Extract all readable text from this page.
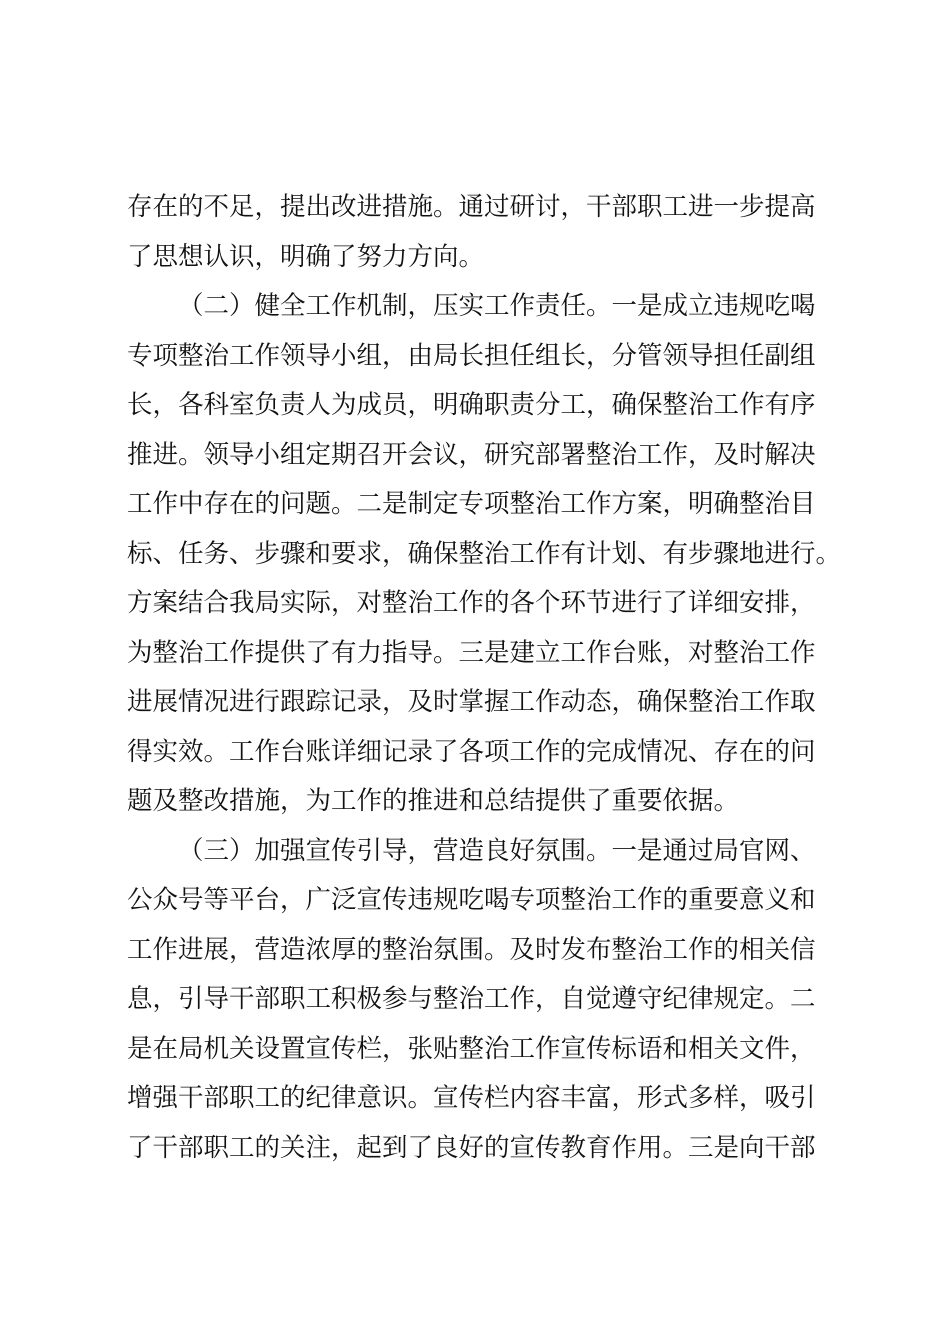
存在的不足，提出改进措施。通过研讨，干部职工进一步提高
了思想认识，明确了努力方向。
（二）健全工作机制，压实工作责任。一是成立违规吃喝
专项整治工作领导小组，由局长担任组长，分管领导担任副组
长，各科室负责人为成员，明确职责分工，确保整治工作有序
推进。领导小组定期召开会议，研究部署整治工作，及时解决
工作中存在的问题。二是制定专项整治工作方案，明确整治目
标、任务、步骤和要求，确保整治工作有计划、有步骤地进行。
方案结合我局实际，对整治工作的各个环节进行了详细安排，
为整治工作提供了有力指导。三是建立工作台账，对整治工作
进展情况进行跟踪记录，及时掌握工作动态，确保整治工作取
得实效。工作台账详细记录了各项工作的完成情况、存在的问
题及整改措施，为工作的推进和总结提供了重要依据。
（三）加强宣传引导，营造良好氛围。一是通过局官网、
公众号等平台，广泛宣传违规吃喝专项整治工作的重要意义和
工作进展，营造浓厚的整治氛围。及时发布整治工作的相关信
息，引导干部职工积极参与整治工作，自觉遵守纪律规定。二
是在局机关设置宣传栏，张贴整治工作宣传标语和相关文件，
增强干部职工的纪律意识。宣传栏内容丰富，形式多样，吸引
了干部职工的关注，起到了良好的宣传教育作用。三是向干部
